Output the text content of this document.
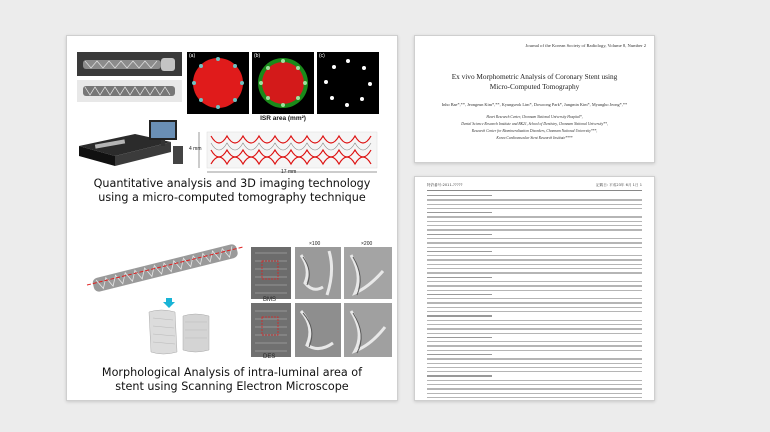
(a)	(b)	(c)
ISR area (mm²)
4 mm
17 mm
Quantitative analysis and 3D imaging technology
using a micro-computed tomography technique
×100	×200
BMS
DES
Morphological Analysis of intra-luminal area of
stent using Scanning Electron Microscope
Journal of the Korean Society of Radiology, Volume 8, Number 2
Ex vivo Morphometric Analysis of Coronary Stent using
Micro-Computed Tomography
Inho Bae*,**, Jeongeun Kim*,**, Kyungseok Lim*, Dowoong Park*, Jungmin Kim*, Myungho Jeong*,**
Heart Research Center, Chonnam National University Hospital*,
Dental Science Research Institute and BK21, School of Dentistry, Chonnam National University**,
Research Center for Biomineralization Disorders, Chonnam National University***,
Korea Cardiovascular Stent Research Institute****
特許番号:2011-?????	記載日: 平成23年 6月 1日 1
